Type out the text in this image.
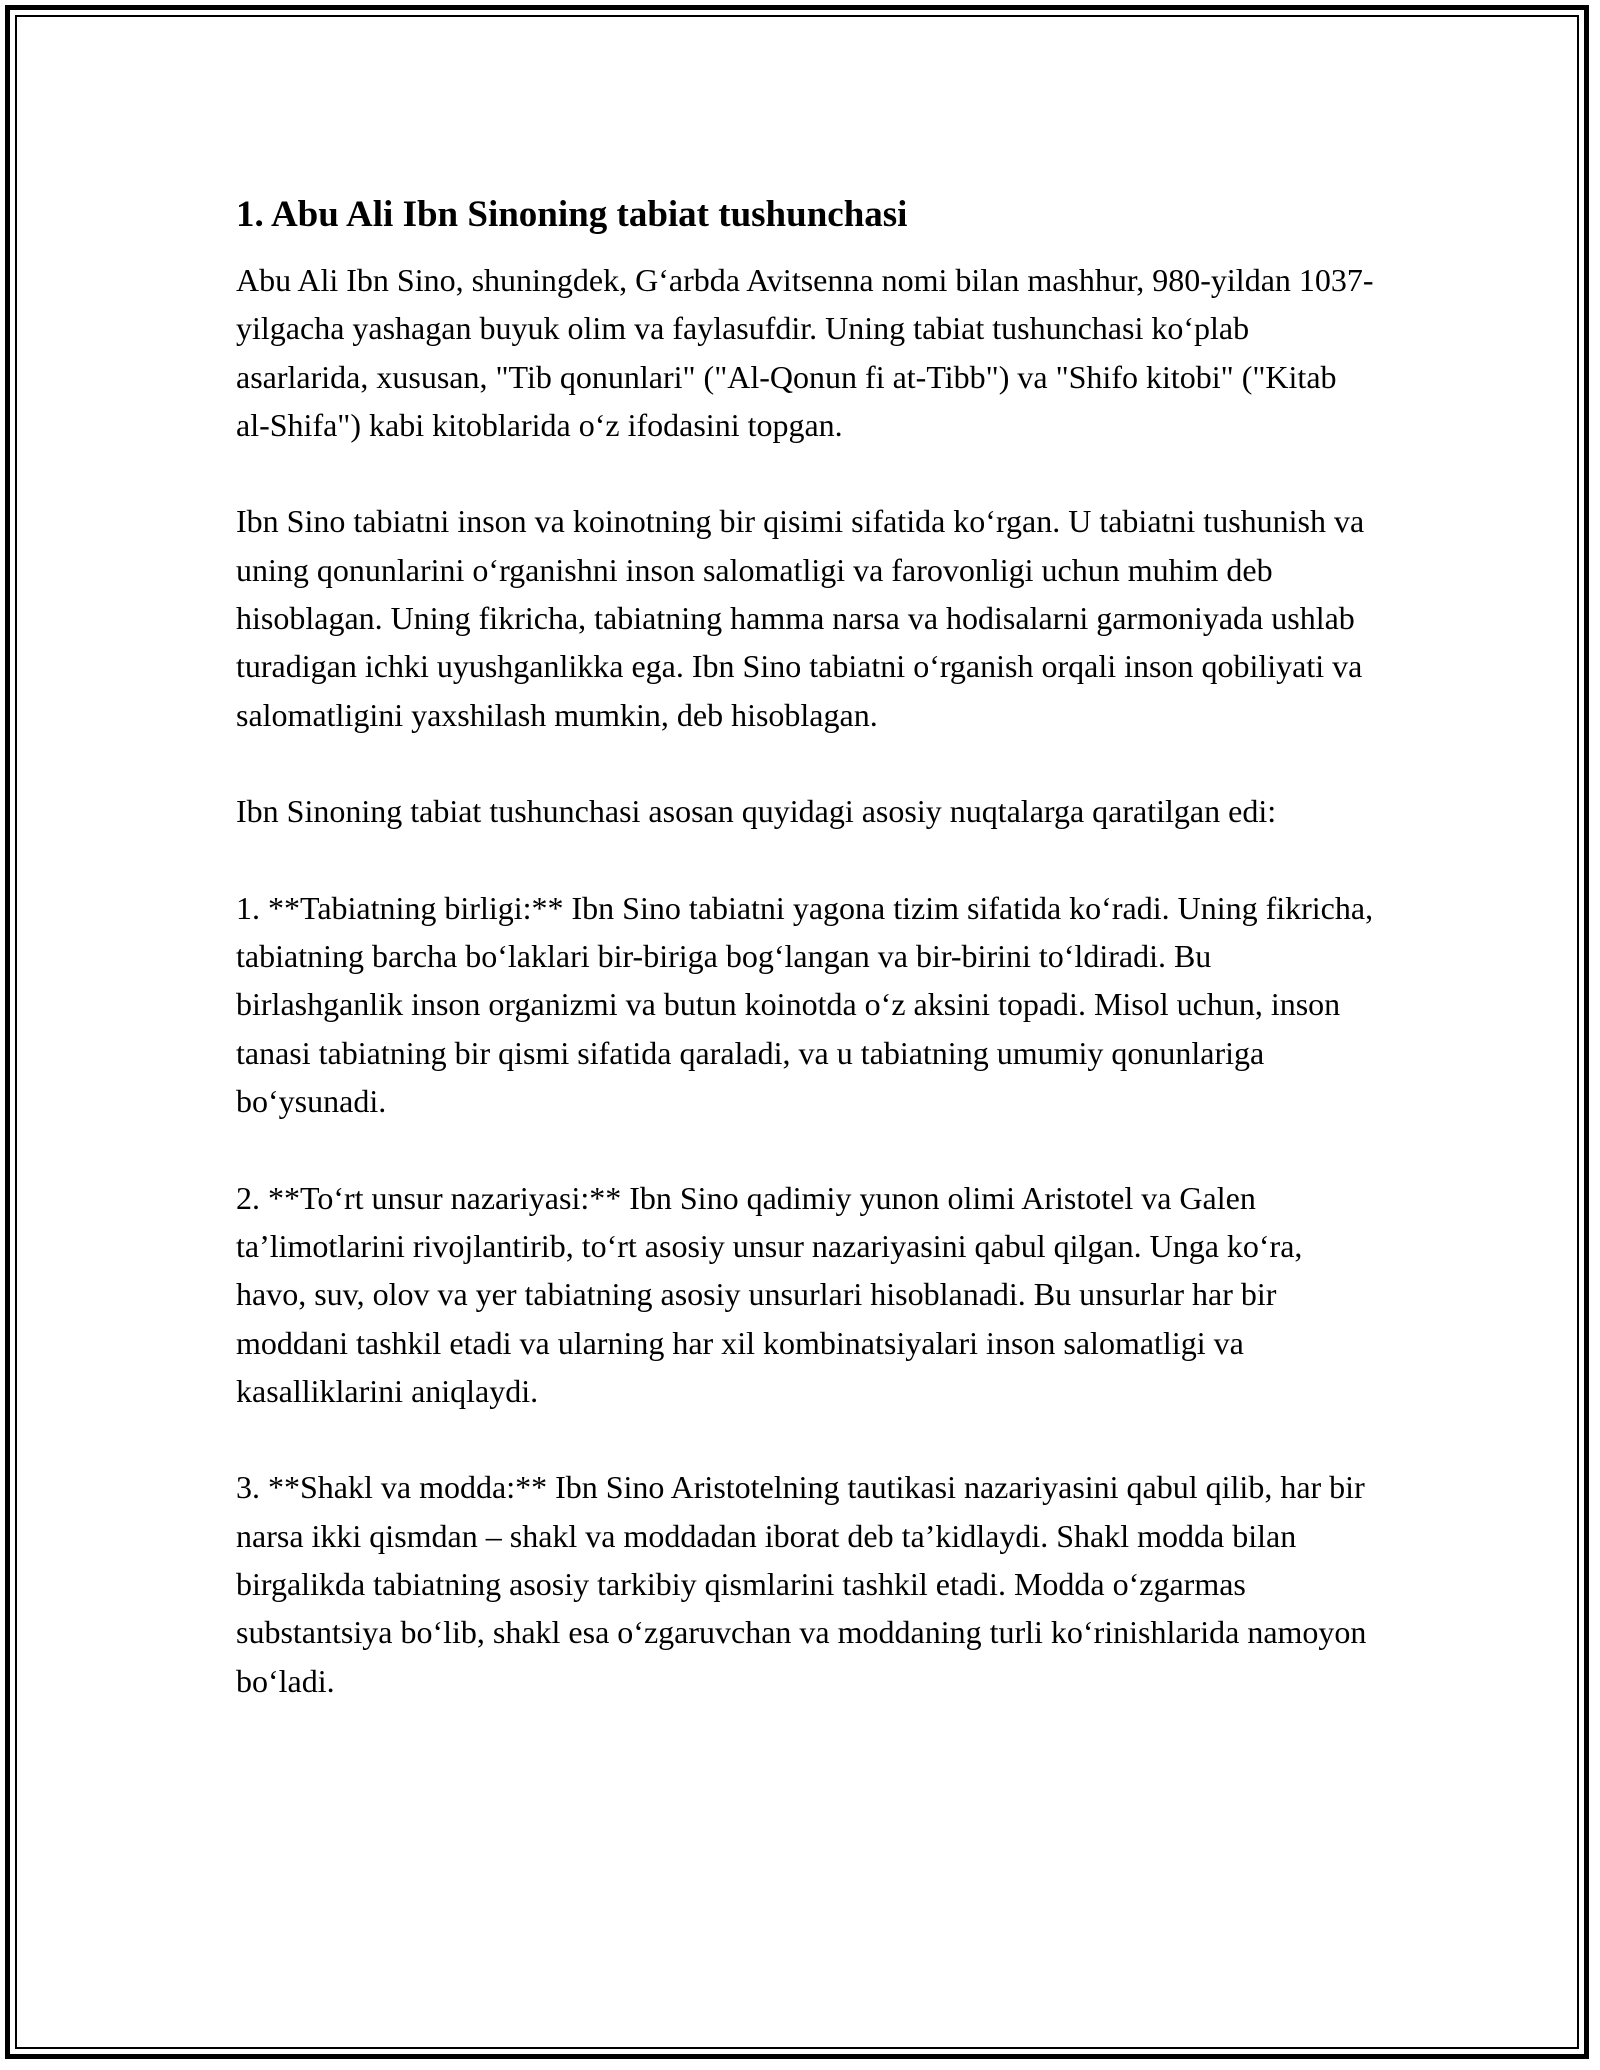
1. Abu Ali Ibn Sinoning tabiat tushunchasi

Abu Ali Ibn Sino, shuningdek, G‘arbda Avitsenna nomi bilan mashhur, 980-yildan 1037-yilgacha yashagan buyuk olim va faylasufdir. Uning tabiat tushunchasi ko‘plab asarlarida, xususan, "Tib qonunlari" ("Al-Qonun fi at-Tibb") va "Shifo kitobi" ("Kitab al-Shifa") kabi kitoblarida o‘z ifodasini topgan.

Ibn Sino tabiatni inson va koinotning bir qisimi sifatida ko‘rgan. U tabiatni tushunish va uning qonunlarini o‘rganishni inson salomatligi va farovonligi uchun muhim deb hisoblagan. Uning fikricha, tabiatning hamma narsa va hodisalarni garmoniyada ushlab turadigan ichki uyushganlikka ega. Ibn Sino tabiatni o‘rganish orqali inson qobiliyati va salomatligini yaxshilash mumkin, deb hisoblagan.

Ibn Sinoning tabiat tushunchasi asosan quyidagi asosiy nuqtalarga qaratilgan edi:

1. **Tabiatning birligi:** Ibn Sino tabiatni yagona tizim sifatida ko‘radi. Uning fikricha, tabiatning barcha bo‘laklari bir-biriga bog‘langan va bir-birini to‘ldiradi. Bu birlashganlik inson organizmi va butun koinotda o‘z aksini topadi. Misol uchun, inson tanasi tabiatning bir qismi sifatida qaraladi, va u tabiatning umumiy qonunlariga bo‘ysunadi.

2. **To‘rt unsur nazariyasi:** Ibn Sino qadimiy yunon olimi Aristotel va Galen ta’limotlarini rivojlantirib, to‘rt asosiy unsur nazariyasini qabul qilgan. Unga ko‘ra, havo, suv, olov va yer tabiatning asosiy unsurlari hisoblanadi. Bu unsurlar har bir moddani tashkil etadi va ularning har xil kombinatsiyalari inson salomatligi va kasalliklarini aniqlaydi.

3. **Shakl va modda:** Ibn Sino Aristotelning tautikasi nazariyasini qabul qilib, har bir narsa ikki qismdan – shakl va moddadan iborat deb ta’kidlaydi. Shakl modda bilan birgalikda tabiatning asosiy tarkibiy qismlarini tashkil etadi. Modda o‘zgarmas substantsiya bo‘lib, shakl esa o‘zgaruvchan va moddaning turli ko‘rinishlarida namoyon bo‘ladi.
